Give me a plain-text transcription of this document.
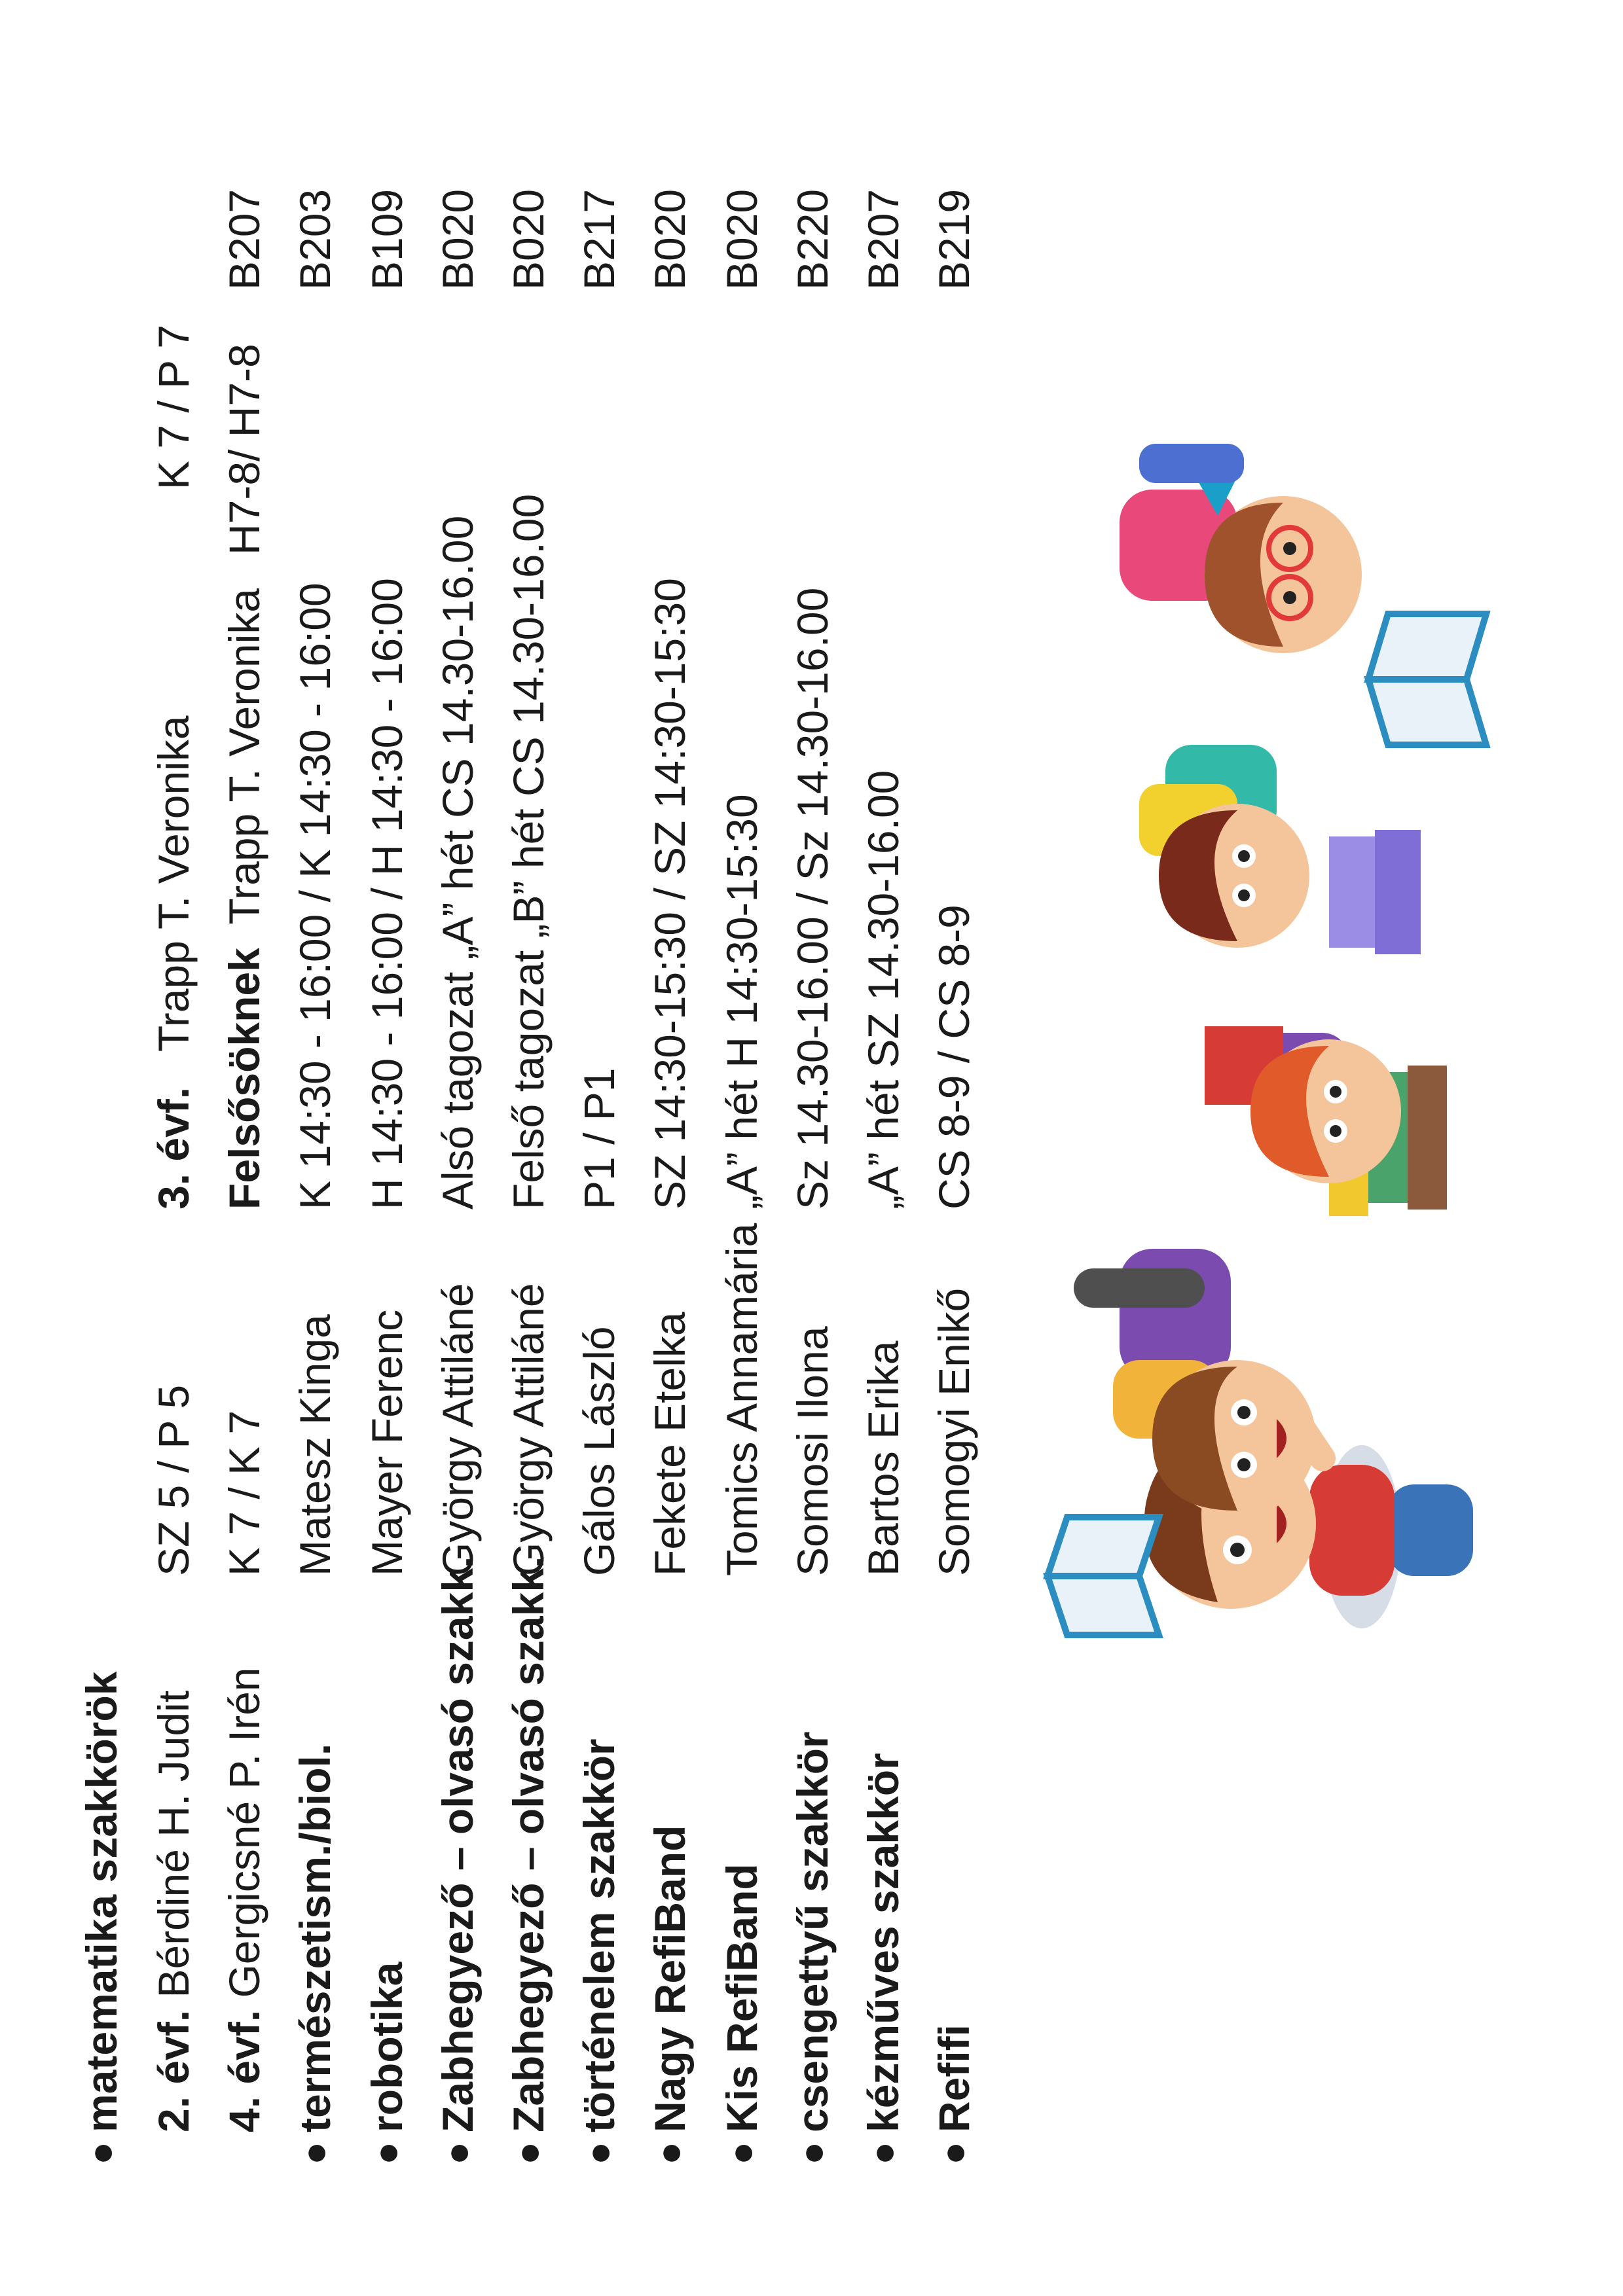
●
matematika szakkörök 2. évf. Bérdiné H. Judit
SZ 5 / P 5
3. évf.   Trapp T. Veronika
K 7 / P 7
4. évf. Gergicsné P. Irén
K 7 / K 7
Felsősöknek  Trapp T. Veronika
H7-8/ H7-8
B207
●
természetism./biol.
Matesz Kinga
K 14:30 - 16:00 / K 14:30 - 16:00
B203
●
robotika
Mayer Ferenc
H 14:30 - 16:00 / H 14:30 - 16:00
B109
●
Zabhegyező – olvasó szakk.
György Attiláné
Alsó tagozat „A” hét CS 14.30-16.00
B020
●
Zabhegyező – olvasó szakk.
György Attiláné
Felső tagozat „B” hét CS 14.30-16.00
B020
●
történelem szakkör
Gálos László
P1 / P1
B217
●
Nagy RefiBand
Fekete Etelka
SZ 14:30-15:30 / SZ 14:30-15:30
B020
●
Kis RefiBand
Tomics Annamária
„A” hét H 14:30-15:30
B020
●
csengettyű szakkör
Somosi Ilona
Sz 14.30-16.00 / Sz 14.30-16.00
B220
●
kézműves szakkör
Bartos Erika
„A” hét SZ 14.30-16.00
B207
●
Refifi
Somogyi Enikő
CS 8-9 / CS 8-9
B219
